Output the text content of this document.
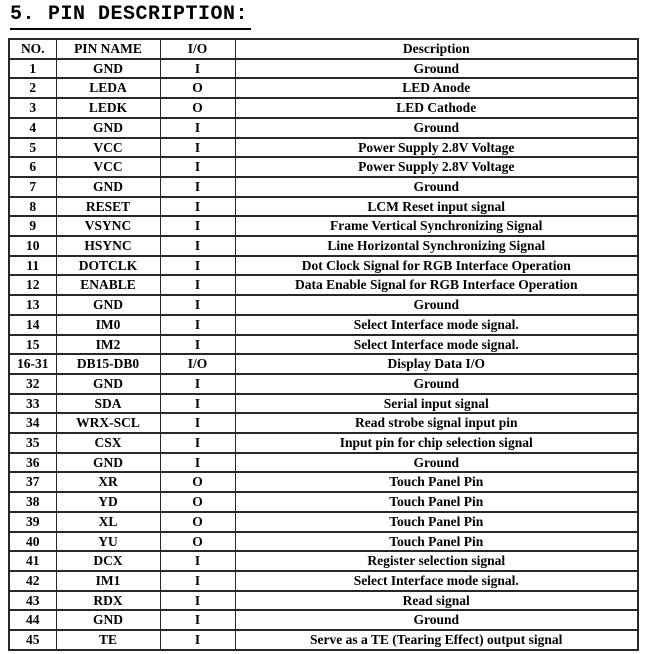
5. PIN DESCRIPTION:
NO.	PIN NAME	I/O	Description
1	GND	I	Ground
2	LEDA	O	LED Anode
3	LEDK	O	LED Cathode
4	GND	I	Ground
5	VCC	I	Power Supply 2.8V Voltage
6	VCC	I	Power Supply 2.8V Voltage
7	GND	I	Ground
8	RESET	I	LCM Reset input signal
9	VSYNC	I	Frame Vertical Synchronizing Signal
10	HSYNC	I	Line Horizontal Synchronizing Signal
11	DOTCLK	I	Dot Clock Signal for RGB Interface Operation
12	ENABLE	I	Data Enable Signal for RGB Interface Operation
13	GND	I	Ground
14	IM0	I	Select Interface mode signal.
15	IM2	I	Select Interface mode signal.
16-31	DB15-DB0	I/O	Display Data I/O
32	GND	I	Ground
33	SDA	I	Serial input signal
34	WRX-SCL	I	Read strobe signal input pin
35	CSX	I	Input pin for chip selection signal
36	GND	I	Ground
37	XR	O	Touch Panel Pin
38	YD	O	Touch Panel Pin
39	XL	O	Touch Panel Pin
40	YU	O	Touch Panel Pin
41	DCX	I	Register selection signal
42	IM1	I	Select Interface mode signal.
43	RDX	I	Read signal
44	GND	I	Ground
45	TE	I	Serve as a TE (Tearing Effect) output signal
